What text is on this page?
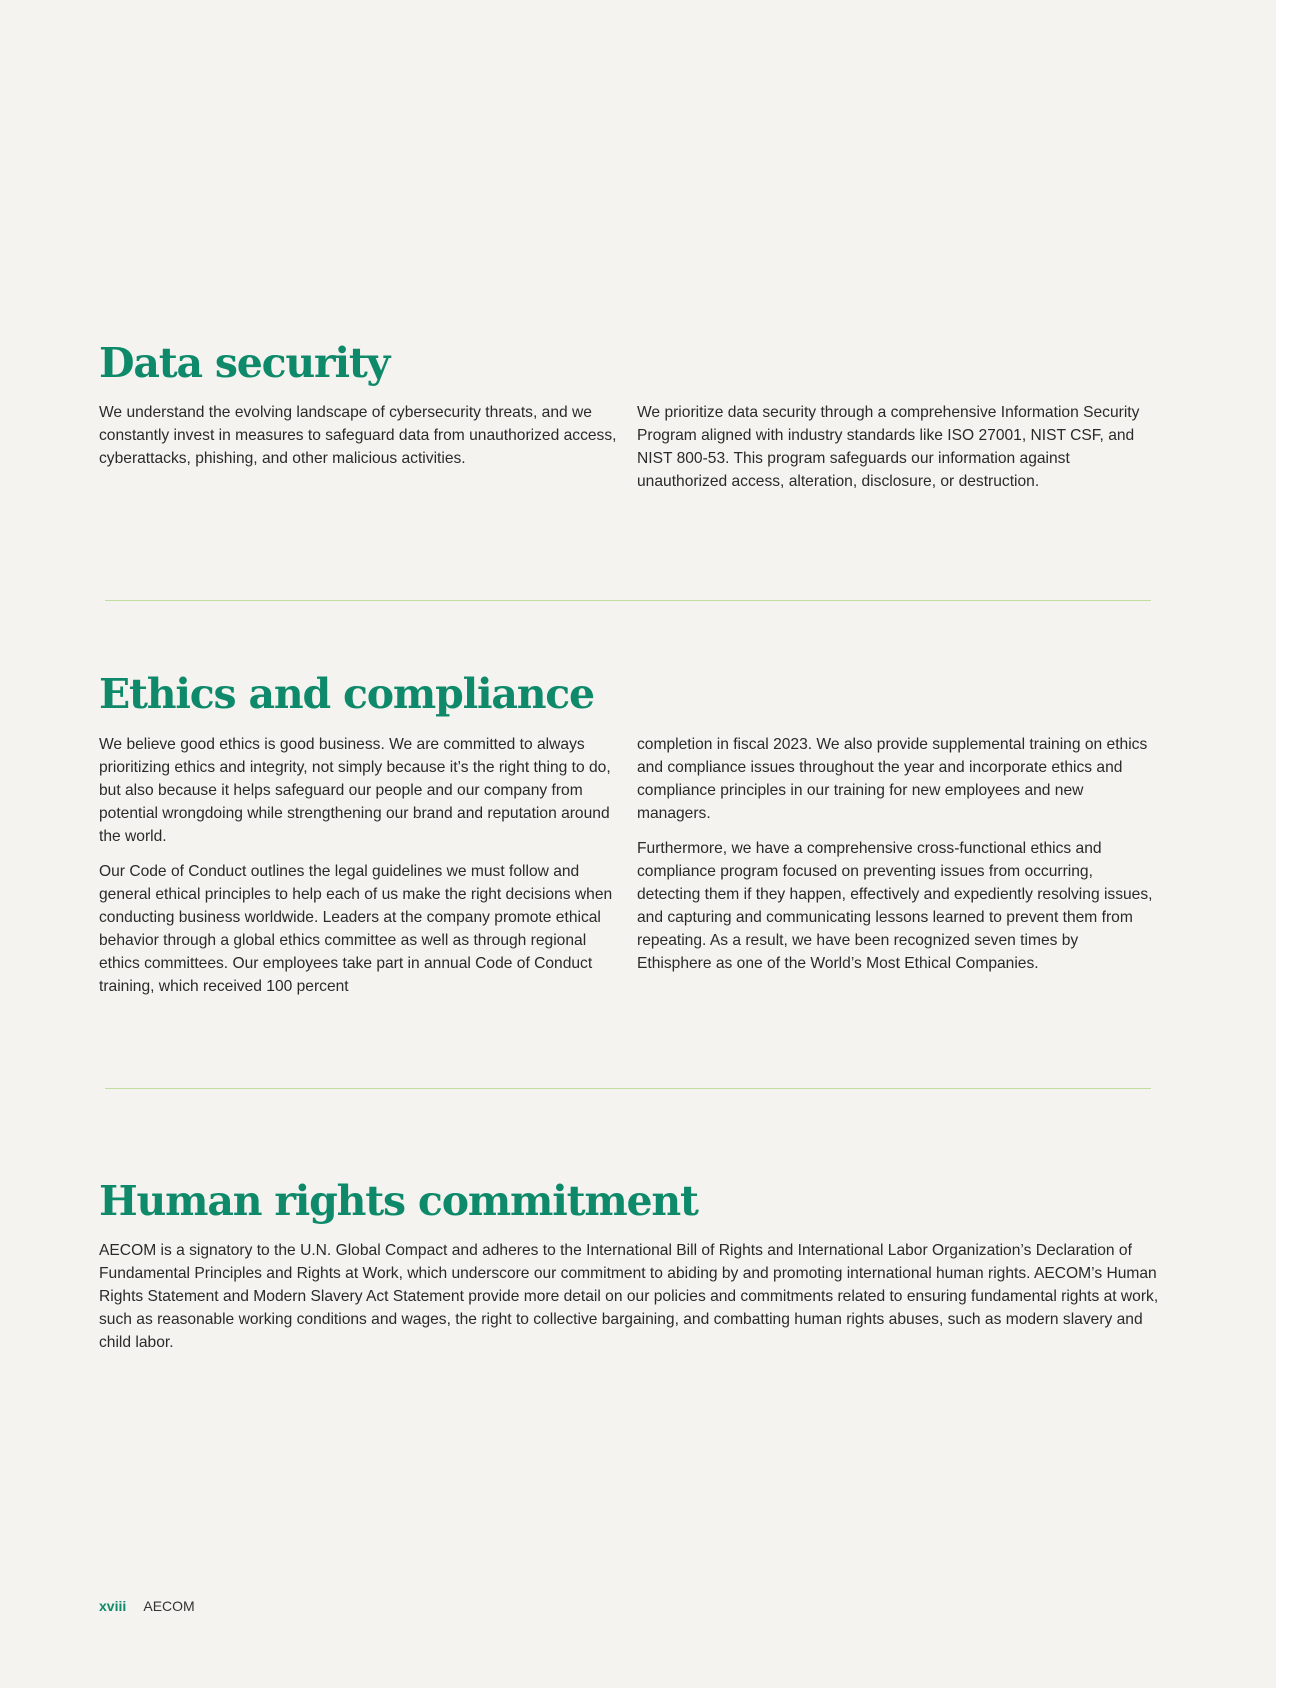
Data security

We understand the evolving landscape of cybersecurity threats, and we constantly invest in measures to safeguard data from unauthorized access, cyberattacks, phishing, and other malicious activities.

We prioritize data security through a comprehensive Information Security Program aligned with industry standards like ISO 27001, NIST CSF, and NIST 800-53. This program safeguards our information against unauthorized access, alteration, disclosure, or destruction.

Ethics and compliance

We believe good ethics is good business. We are committed to always prioritizing ethics and integrity, not simply because it’s the right thing to do, but also because it helps safeguard our people and our company from potential wrongdoing while strengthening our brand and reputation around the world.

Our Code of Conduct outlines the legal guidelines we must follow and general ethical principles to help each of us make the right decisions when conducting business worldwide. Leaders at the company promote ethical behavior through a global ethics committee as well as through regional ethics committees. Our employees take part in annual Code of Conduct training, which received 100 percent

completion in fiscal 2023. We also provide supplemental training on ethics and compliance issues throughout the year and incorporate ethics and compliance principles in our training for new employees and new managers.

Furthermore, we have a comprehensive cross-functional ethics and compliance program focused on preventing issues from occurring, detecting them if they happen, effectively and expediently resolving issues, and capturing and communicating lessons learned to prevent them from repeating. As a result, we have been recognized seven times by Ethisphere as one of the World’s Most Ethical Companies.

Human rights commitment

AECOM is a signatory to the U.N. Global Compact and adheres to the International Bill of Rights and International Labor Organization’s Declaration of Fundamental Principles and Rights at Work, which underscore our commitment to abiding by and promoting international human rights. AECOM’s Human Rights Statement and Modern Slavery Act Statement provide more detail on our policies and commitments related to ensuring fundamental rights at work, such as reasonable working conditions and wages, the right to collective bargaining, and combatting human rights abuses, such as modern slavery and child labor.

xviii AECOM
